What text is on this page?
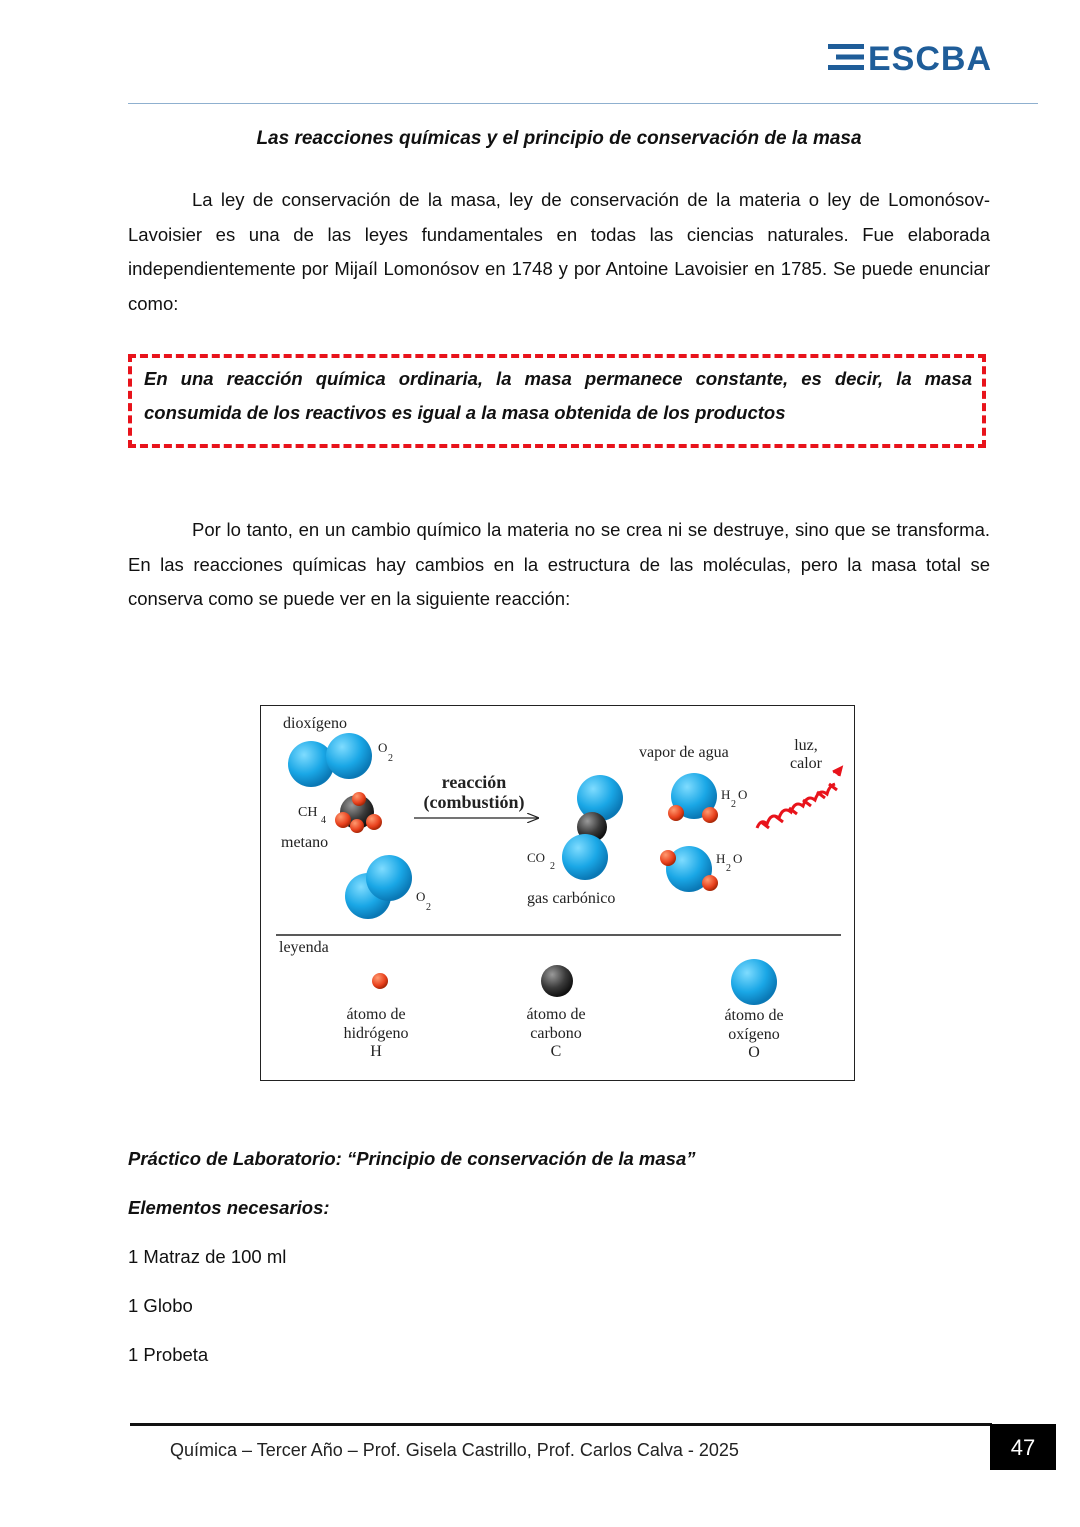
ESCBA
Las reacciones químicas y el principio de conservación de la masa

La ley de conservación de la masa, ley de conservación de la materia o ley de Lomonósov-Lavoisier es una de las leyes fundamentales en todas las ciencias naturales. Fue elaborada independientemente por Mijaíl Lomonósov en 1748 y por Antoine Lavoisier en 1785. Se puede enunciar como:

En una reacción química ordinaria, la masa permanece constante, es decir, la masa consumida de los reactivos es igual a la masa obtenida de los productos

Por lo tanto, en un cambio químico la materia no se crea ni se destruye, sino que se transforma. En las reacciones químicas hay cambios en la estructura de las moléculas, pero la masa total se conserva como se puede ver en la siguiente reacción:

dioxígeno
O
2
CH
4
metano
O
2
reacción
(combustión)
CO
2
gas carbónico
vapor de agua
H
2
O
H
2
O
luz,
calor
leyenda
átomo de
hidrógeno
H
átomo de
carbono
C
átomo de
oxígeno
O
Práctico de Laboratorio: “Principio de conservación de la masa”
Elementos necesarios:
1 Matraz de 100 ml
1 Globo
1 Probeta
Química – Tercer Año – Prof. Gisela Castrillo, Prof. Carlos Calva - 2025	47
